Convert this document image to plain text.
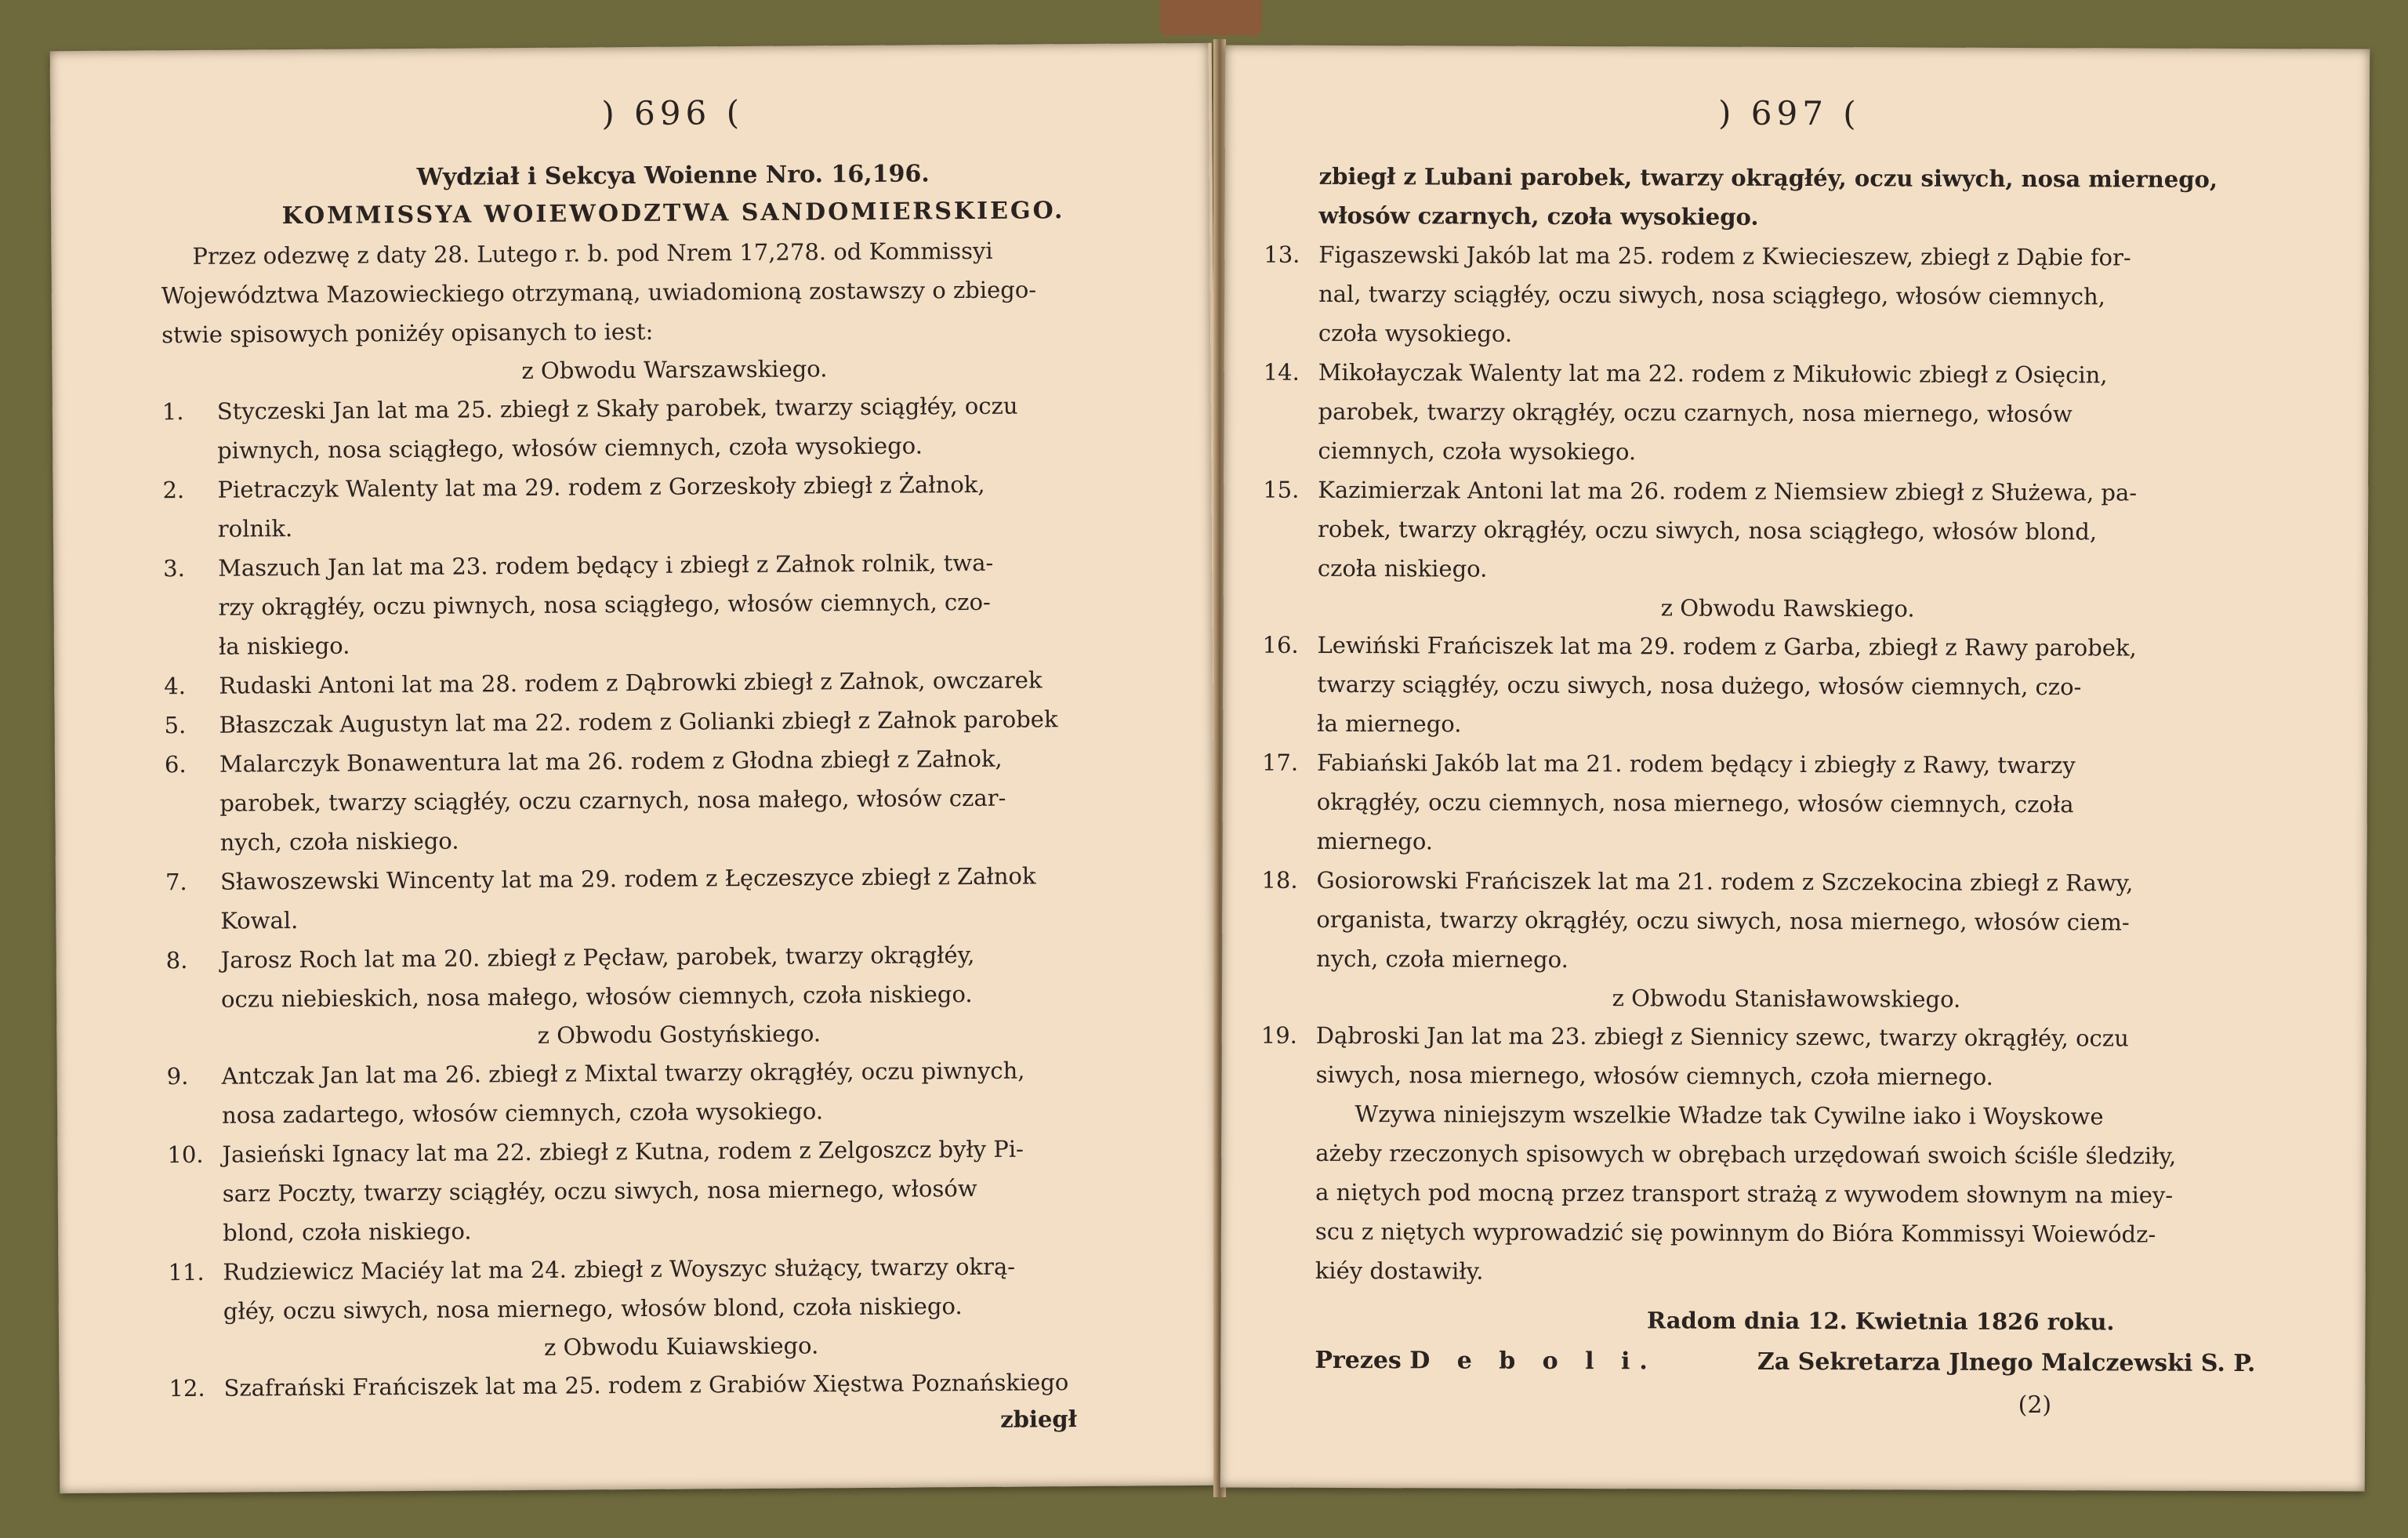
) 696 (
Wydział i Sekcya Woienne Nro. 16,196.
KOMMISSYA WOIEWODZTWA SANDOMIERSKIEGO.
Przez odezwę z daty 28. Lutego r. b. pod Nrem 17,278. od Kommissyi
Województwa Mazowieckiego otrzymaną, uwiadomioną zostawszy o zbiego-
stwie spisowych poniżéy opisanych to iest:
z Obwodu Warszawskiego.
1.	Styczeski Jan lat ma 25. zbiegł z Skały parobek, twarzy sciągłéy, oczu
piwnych, nosa sciągłego, włosów ciemnych, czoła wysokiego.
2.	Pietraczyk Walenty lat ma 29. rodem z Gorzeskoły zbiegł z Żałnok,
rolnik.
3.	Maszuch Jan lat ma 23. rodem będący i zbiegł z Załnok rolnik, twa-
rzy okrągłéy, oczu piwnych, nosa sciągłego, włosów ciemnych, czo-
ła niskiego.
4.	Rudaski Antoni lat ma 28. rodem z Dąbrowki zbiegł z Załnok, owczarek
5.	Błaszczak Augustyn lat ma 22. rodem z Golianki zbiegł z Załnok parobek
6.	Malarczyk Bonawentura lat ma 26. rodem z Głodna zbiegł z Załnok,
parobek, twarzy sciągłéy, oczu czarnych, nosa małego, włosów czar-
nych, czoła niskiego.
7.	Sławoszewski Wincenty lat ma 29. rodem z Łęczeszyce zbiegł z Załnok
Kowal.
8.	Jarosz Roch lat ma 20. zbiegł z Pęcław, parobek, twarzy okrągłéy,
oczu niebieskich, nosa małego, włosów ciemnych, czoła niskiego.
z Obwodu Gostyńskiego.
9.	Antczak Jan lat ma 26. zbiegł z Mixtal twarzy okrągłéy, oczu piwnych,
nosa zadartego, włosów ciemnych, czoła wysokiego.
10. Jasieński Ignacy lat ma 22. zbiegł z Kutna, rodem z Zelgoszcz były Pi-
sarz Poczty, twarzy sciągłéy, oczu siwych, nosa miernego, włosów
blond, czoła niskiego.
11. Rudziewicz Maciéy lat ma 24. zbiegł z Woyszyc służący, twarzy okrą-
głéy, oczu siwych, nosa miernego, włosów blond, czoła niskiego.
z Obwodu Kuiawskiego.
12. Szafrański Frańciszek lat ma 25. rodem z Grabiów Xięstwa Poznańskiego
zbiegł
) 697 (
zbiegł z Lubani parobek, twarzy okrągłéy, oczu siwych, nosa miernego,
włosów czarnych, czoła wysokiego.
13. Figaszewski Jakób lat ma 25. rodem z Kwiecieszew, zbiegł z Dąbie for-
nal, twarzy sciągłéy, oczu siwych, nosa sciągłego, włosów ciemnych,
czoła wysokiego.
14. Mikołayczak Walenty lat ma 22. rodem z Mikułowic zbiegł z Osięcin,
parobek, twarzy okrągłéy, oczu czarnych, nosa miernego, włosów
ciemnych, czoła wysokiego.
15. Kazimierzak Antoni lat ma 26. rodem z Niemsiew zbiegł z Służewa, pa-
robek, twarzy okrągłéy, oczu siwych, nosa sciągłego, włosów blond,
czoła niskiego.
z Obwodu Rawskiego.
16. Lewiński Frańciszek lat ma 29. rodem z Garba, zbiegł z Rawy parobek,
twarzy sciągłéy, oczu siwych, nosa dużego, włosów ciemnych, czo-
ła miernego.
17. Fabiański Jakób lat ma 21. rodem będący i zbiegły z Rawy, twarzy
okrągłéy, oczu ciemnych, nosa miernego, włosów ciemnych, czoła
miernego.
18. Gosiorowski Frańciszek lat ma 21. rodem z Szczekocina zbiegł z Rawy,
organista, twarzy okrągłéy, oczu siwych, nosa miernego, włosów ciem-
nych, czoła miernego.
z Obwodu Stanisławowskiego.
19. Dąbroski Jan lat ma 23. zbiegł z Siennicy szewc, twarzy okrągłéy, oczu
siwych, nosa miernego, włosów ciemnych, czoła miernego.
Wzywa niniejszym wszelkie Władze tak Cywilne iako i Woyskowe
ażeby rzeczonych spisowych w obrębach urzędowań swoich ściśle śledziły,
a niętych pod mocną przez transport strażą z wywodem słownym na miey-
scu z niętych wyprowadzić się powinnym do Bióra Kommissyi Woiewódz-
kiéy dostawiły.
Radom dnia 12. Kwietnia 1826 roku.
Prezes D e b o l i.	Za Sekretarza Jlnego Malczewski S. P.
(2)
